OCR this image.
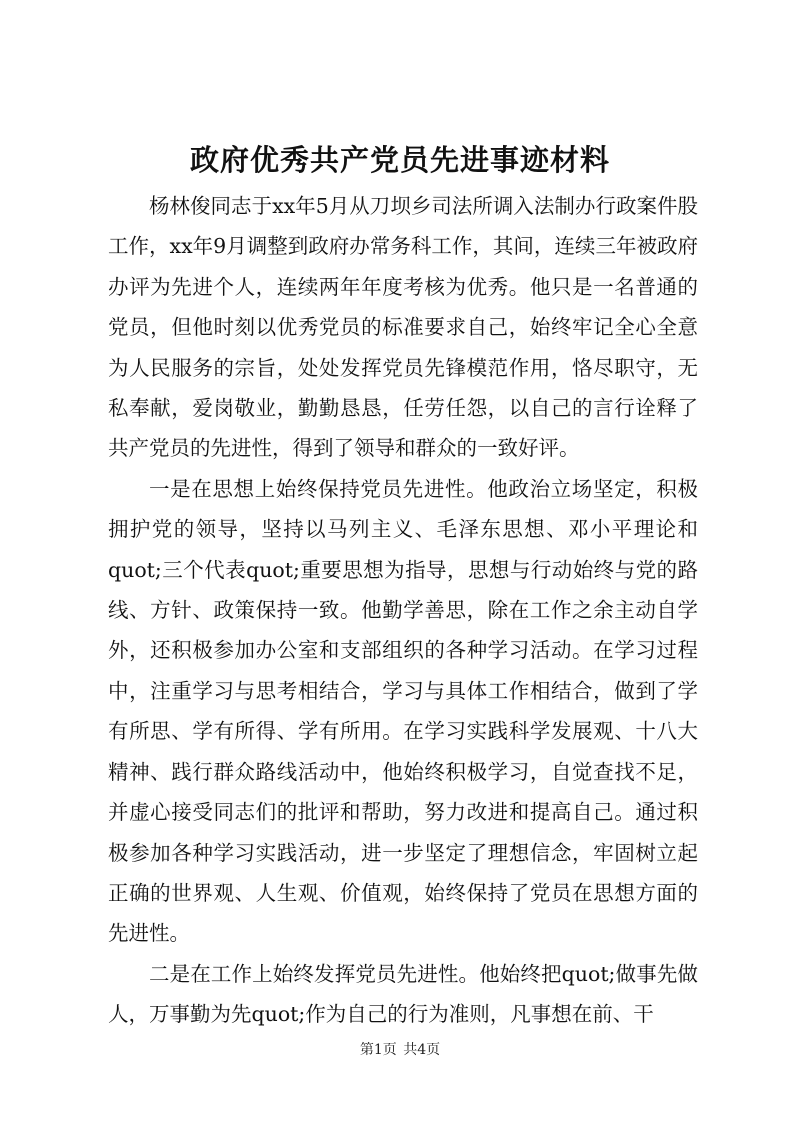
政府优秀共产党员先进事迹材料

杨林俊同志于xx年5月从刀坝乡司法所调入法制办行政案件股工作，xx年9月调整到政府办常务科工作，其间，连续三年被政府办评为先进个人，连续两年年度考核为优秀。他只是一名普通的党员，但他时刻以优秀党员的标准要求自己，始终牢记全心全意为人民服务的宗旨，处处发挥党员先锋模范作用，恪尽职守，无私奉献，爱岗敬业，勤勤恳恳，任劳任怨，以自己的言行诠释了共产党员的先进性，得到了领导和群众的一致好评。

一是在思想上始终保持党员先进性。他政治立场坚定，积极拥护党的领导，坚持以马列主义、毛泽东思想、邓小平理论和quot;三个代表quot;重要思想为指导，思想与行动始终与党的路线、方针、政策保持一致。他勤学善思，除在工作之余主动自学外，还积极参加办公室和支部组织的各种学习活动。在学习过程中，注重学习与思考相结合，学习与具体工作相结合，做到了学有所思、学有所得、学有所用。在学习实践科学发展观、十八大精神、践行群众路线活动中，他始终积极学习，自觉查找不足，并虚心接受同志们的批评和帮助，努力改进和提高自己。通过积极参加各种学习实践活动，进一步坚定了理想信念，牢固树立起正确的世界观、人生观、价值观，始终保持了党员在思想方面的先进性。

二是在工作上始终发挥党员先进性。他始终把quot;做事先做人，万事勤为先quot;作为自己的行为准则，凡事想在前、干

第1页 共4页
